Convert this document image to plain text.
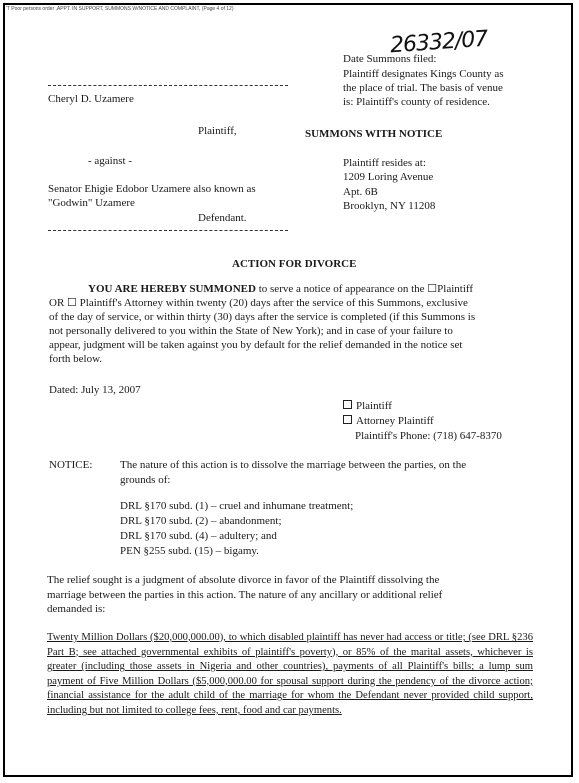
'T Poor persons order ,APPT. IN SUPPORT, SUMMONS W/NOTICE AND COMPLAINT, (Page 4 of 12)
26332/07
Date Summons filed:
Plaintiff designates Kings County as
the place of trial. The basis of venue
is: Plaintiff's county of residence.
Cheryl D. Uzamere
Plaintiff,	SUMMONS WITH NOTICE
- against -	Plaintiff resides at:
1209 Loring Avenue
Apt. 6B
Brooklyn, NY 11208
Senator Ehigie Edobor Uzamere also known as
"Godwin" Uzamere
Defendant.
ACTION FOR DIVORCE
YOU ARE HEREBY SUMMONED to serve a notice of appearance on the ☐Plaintiff
OR ☐ Plaintiff's Attorney within twenty (20) days after the service of this Summons, exclusive
of the day of service, or within thirty (30) days after the service is completed (if this Summons is
not personally delivered to you within the State of New York); and in case of your failure to
appear, judgment will be taken against you by default for the relief demanded in the notice set
forth below.
Dated: July 13, 2007
Plaintiff
Attorney Plaintiff
Plaintiff's Phone: (718) 647-8370
NOTICE:	The nature of this action is to dissolve the marriage between the parties, on the
grounds of:
DRL §170 subd. (1) – cruel and inhumane treatment;
DRL §170 subd. (2) – abandonment;
DRL §170 subd. (4) – adultery; and
PEN §255 subd. (15) – bigamy.
The relief sought is a judgment of absolute divorce in favor of the Plaintiff dissolving the
marriage between the parties in this action. The nature of any ancillary or additional relief
demanded is:
Twenty Million Dollars ($20,000,000.00), to which disabled plaintiff has never had access or title; (see DRL §236 Part B; see attached governmental exhibits of plaintiff's poverty), or 85% of the marital assets, whichever is greater (including those assets in Nigeria and other countries), payments of all Plaintiff's bills; a lump sum payment of Five Million Dollars ($5,000,000.00 for spousal support during the pendency of the divorce action; financial assistance for the adult child of the marriage for whom the Defendant never provided child support, including but not limited to college fees, rent, food and car payments.
